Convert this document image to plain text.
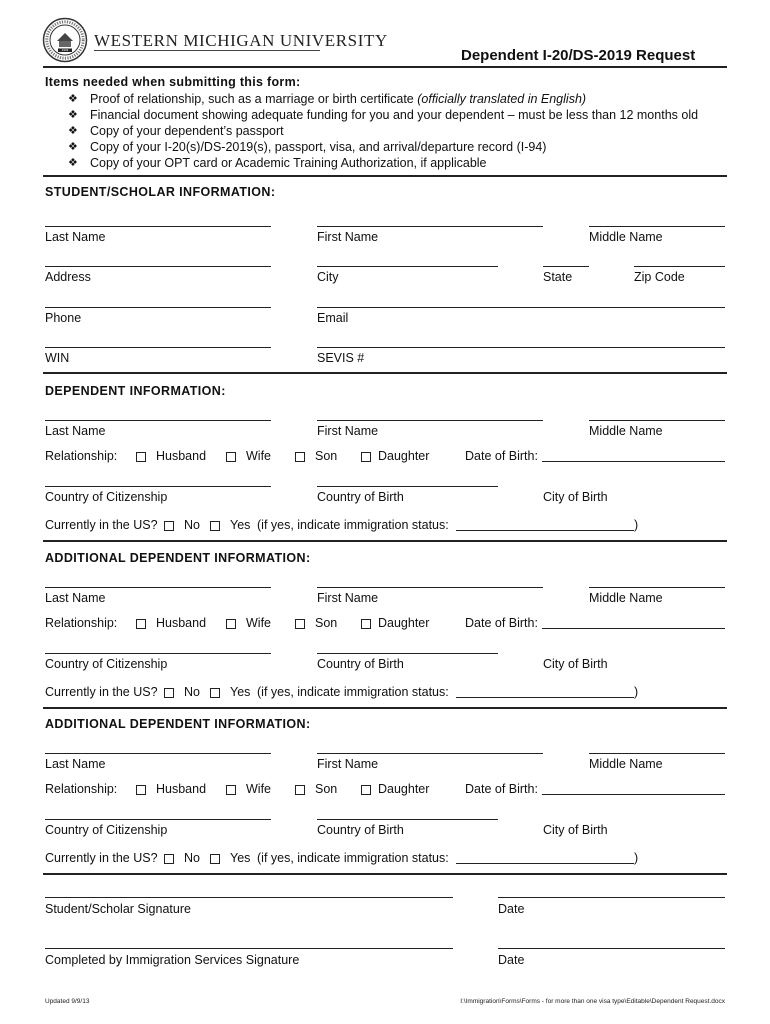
1903 WESTERN MICHIGAN UNIVERSITY
Dependent I-20/DS-2019 Request
Items needed when submitting this form:
❖ Proof of relationship, such as a marriage or birth certificate (officially translated in English)
❖ Financial document showing adequate funding for you and your dependent – must be less than 12 months old
❖ Copy of your dependent’s passport
❖ Copy of your I-20(s)/DS-2019(s), passport, visa, and arrival/departure record (I-94)
❖ Copy of your OPT card or Academic Training Authorization, if applicable
STUDENT/SCHOLAR INFORMATION:
Last Name	First Name	Middle Name
Address	City	State	Zip Code
Phone	Email
WIN	SEVIS #
DEPENDENT INFORMATION:
Last Name	First Name	Middle Name
Relationship:	Husband	Wife	Son	Daughter	Date of Birth:
Country of Citizenship	Country of Birth	City of Birth
Currently in the US? No Yes (if yes, indicate immigration status:	)
ADDITIONAL DEPENDENT INFORMATION:
Last Name	First Name	Middle Name
Relationship:	Husband	Wife	Son	Daughter	Date of Birth:
Country of Citizenship	Country of Birth	City of Birth
Currently in the US? No Yes (if yes, indicate immigration status:	)
ADDITIONAL DEPENDENT INFORMATION:
Last Name	First Name	Middle Name
Relationship:	Husband	Wife	Son	Daughter	Date of Birth:
Country of Citizenship	Country of Birth	City of Birth
Currently in the US? No Yes (if yes, indicate immigration status:	)
Student/Scholar Signature	Date
Completed by Immigration Services Signature	Date
Updated 9/9/13	I:\Immigration\Forms\Forms - for more than one visa type\Editable\Dependent Request.docx
